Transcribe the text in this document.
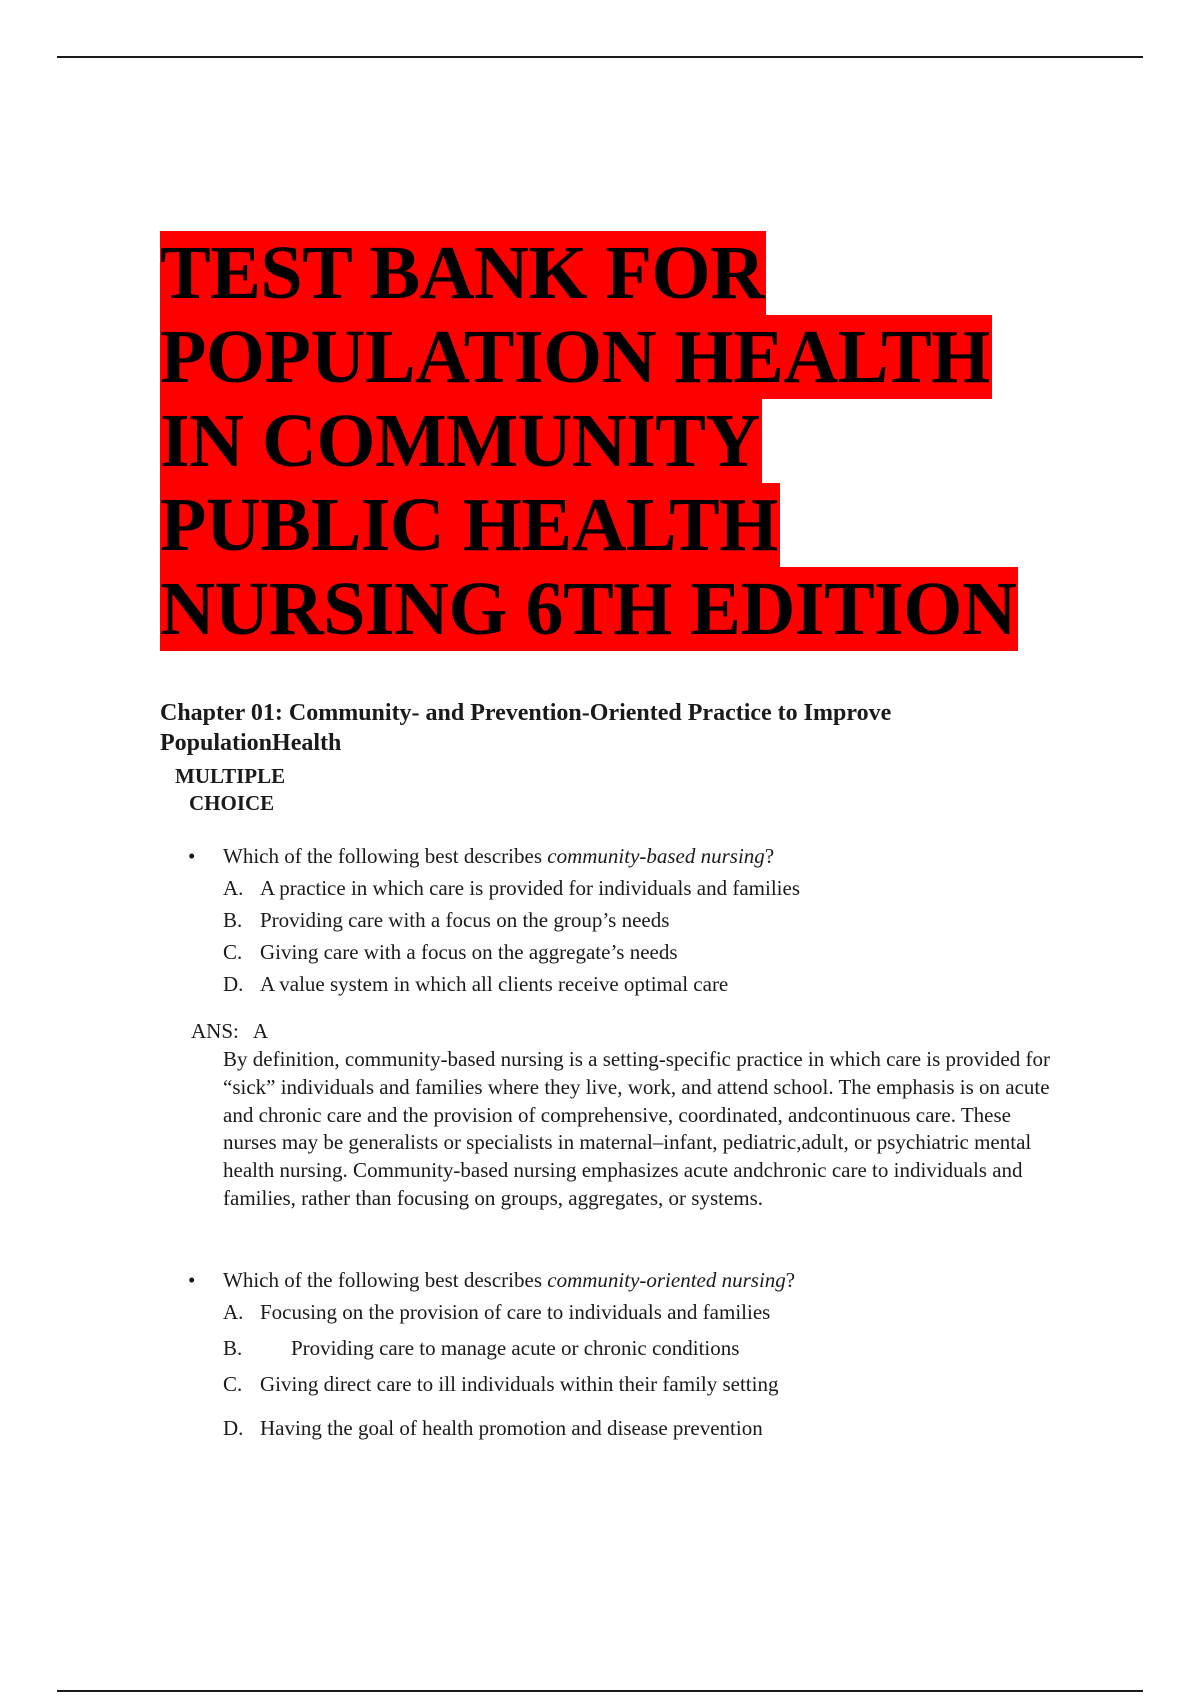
TEST BANK FOR
POPULATION HEALTH
IN COMMUNITY
PUBLIC HEALTH
NURSING 6TH EDITION
Chapter 01: Community- and Prevention-Oriented Practice to Improve PopulationHealth
MULTIPLE
CHOICE
• Which of the following best describes community-based nursing?
A. A practice in which care is provided for individuals and families
B. Providing care with a focus on the group’s needs
C. Giving care with a focus on the aggregate’s needs
D. A value system in which all clients receive optimal care
ANS: A

By definition, community-based nursing is a setting-specific practice in which care is provided for “sick” individuals and families where they live, work, and attend school. The emphasis is on acute and chronic care and the provision of comprehensive, coordinated, andcontinuous care. These nurses may be generalists or specialists in maternal–infant, pediatric,adult, or psychiatric mental health nursing. Community-based nursing emphasizes acute andchronic care to individuals and families, rather than focusing on groups, aggregates, or systems.

• Which of the following best describes community-oriented nursing?
A. Focusing on the provision of care to individuals and families
B. Providing care to manage acute or chronic conditions
C. Giving direct care to ill individuals within their family setting
D. Having the goal of health promotion and disease prevention
